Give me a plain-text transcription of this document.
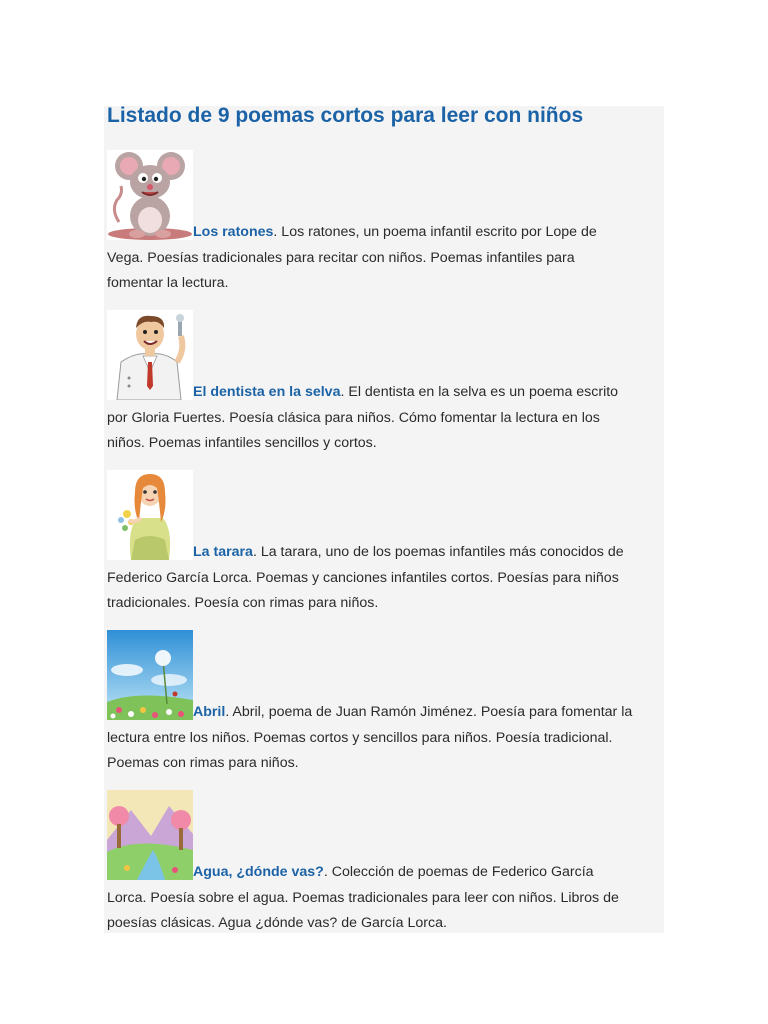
Listado de 9 poemas cortos para leer con niños
Los ratones. Los ratones, un poema infantil escrito por Lope de
Vega. Poesías tradicionales para recitar con niños. Poemas infantiles para
fomentar la lectura.
El dentista en la selva. El dentista en la selva es un poema escrito
por Gloria Fuertes. Poesía clásica para niños. Cómo fomentar la lectura en los
niños. Poemas infantiles sencillos y cortos.
La tarara. La tarara, uno de los poemas infantiles más conocidos de
Federico García Lorca. Poemas y canciones infantiles cortos. Poesías para niños
tradicionales. Poesía con rimas para niños.
Abril. Abril, poema de Juan Ramón Jiménez. Poesía para fomentar la
lectura entre los niños. Poemas cortos y sencillos para niños. Poesía tradicional.
Poemas con rimas para niños.
Agua, ¿dónde vas?. Colección de poemas de Federico García
Lorca. Poesía sobre el agua. Poemas tradicionales para leer con niños. Libros de
poesías clásicas. Agua ¿dónde vas? de García Lorca.
